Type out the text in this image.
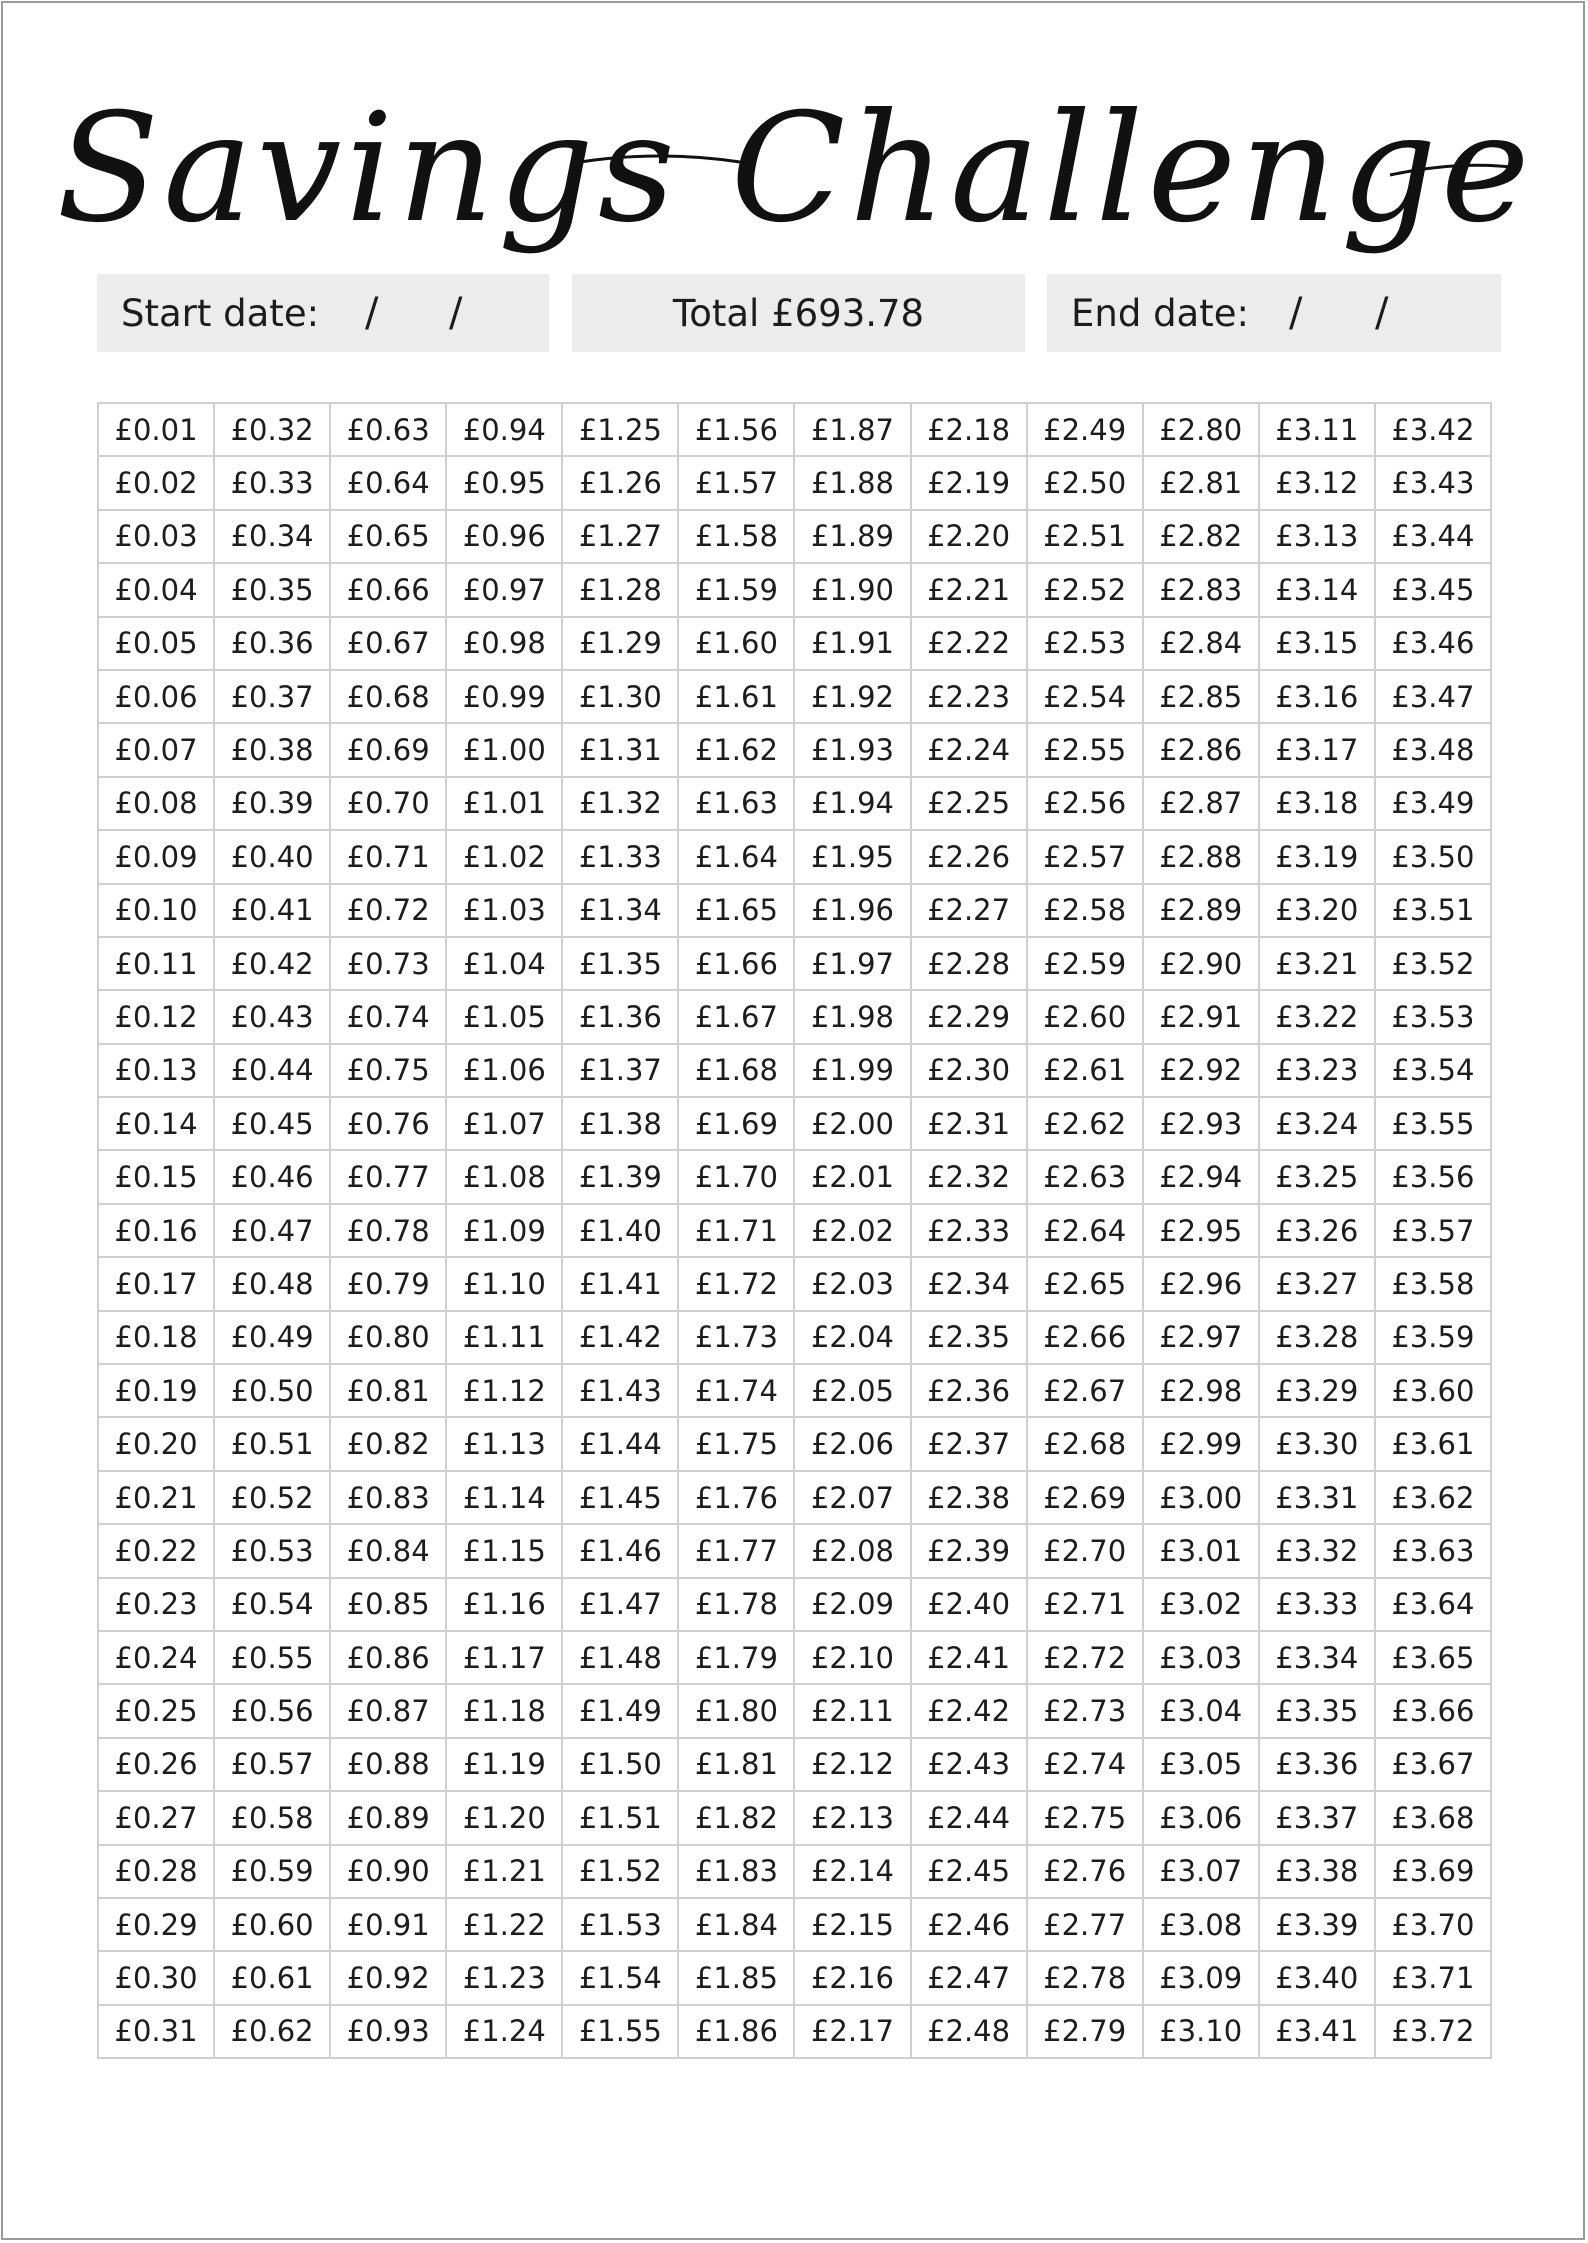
Savings Challenge
Start date: / /	Total £693.78	End date: / /
£0.01	£0.32	£0.63	£0.94	£1.25	£1.56	£1.87	£2.18	£2.49	£2.80	£3.11	£3.42
£0.02	£0.33	£0.64	£0.95	£1.26	£1.57	£1.88	£2.19	£2.50	£2.81	£3.12	£3.43
£0.03	£0.34	£0.65	£0.96	£1.27	£1.58	£1.89	£2.20	£2.51	£2.82	£3.13	£3.44
£0.04	£0.35	£0.66	£0.97	£1.28	£1.59	£1.90	£2.21	£2.52	£2.83	£3.14	£3.45
£0.05	£0.36	£0.67	£0.98	£1.29	£1.60	£1.91	£2.22	£2.53	£2.84	£3.15	£3.46
£0.06	£0.37	£0.68	£0.99	£1.30	£1.61	£1.92	£2.23	£2.54	£2.85	£3.16	£3.47
£0.07	£0.38	£0.69	£1.00	£1.31	£1.62	£1.93	£2.24	£2.55	£2.86	£3.17	£3.48
£0.08	£0.39	£0.70	£1.01	£1.32	£1.63	£1.94	£2.25	£2.56	£2.87	£3.18	£3.49
£0.09	£0.40	£0.71	£1.02	£1.33	£1.64	£1.95	£2.26	£2.57	£2.88	£3.19	£3.50
£0.10	£0.41	£0.72	£1.03	£1.34	£1.65	£1.96	£2.27	£2.58	£2.89	£3.20	£3.51
£0.11	£0.42	£0.73	£1.04	£1.35	£1.66	£1.97	£2.28	£2.59	£2.90	£3.21	£3.52
£0.12	£0.43	£0.74	£1.05	£1.36	£1.67	£1.98	£2.29	£2.60	£2.91	£3.22	£3.53
£0.13	£0.44	£0.75	£1.06	£1.37	£1.68	£1.99	£2.30	£2.61	£2.92	£3.23	£3.54
£0.14	£0.45	£0.76	£1.07	£1.38	£1.69	£2.00	£2.31	£2.62	£2.93	£3.24	£3.55
£0.15	£0.46	£0.77	£1.08	£1.39	£1.70	£2.01	£2.32	£2.63	£2.94	£3.25	£3.56
£0.16	£0.47	£0.78	£1.09	£1.40	£1.71	£2.02	£2.33	£2.64	£2.95	£3.26	£3.57
£0.17	£0.48	£0.79	£1.10	£1.41	£1.72	£2.03	£2.34	£2.65	£2.96	£3.27	£3.58
£0.18	£0.49	£0.80	£1.11	£1.42	£1.73	£2.04	£2.35	£2.66	£2.97	£3.28	£3.59
£0.19	£0.50	£0.81	£1.12	£1.43	£1.74	£2.05	£2.36	£2.67	£2.98	£3.29	£3.60
£0.20	£0.51	£0.82	£1.13	£1.44	£1.75	£2.06	£2.37	£2.68	£2.99	£3.30	£3.61
£0.21	£0.52	£0.83	£1.14	£1.45	£1.76	£2.07	£2.38	£2.69	£3.00	£3.31	£3.62
£0.22	£0.53	£0.84	£1.15	£1.46	£1.77	£2.08	£2.39	£2.70	£3.01	£3.32	£3.63
£0.23	£0.54	£0.85	£1.16	£1.47	£1.78	£2.09	£2.40	£2.71	£3.02	£3.33	£3.64
£0.24	£0.55	£0.86	£1.17	£1.48	£1.79	£2.10	£2.41	£2.72	£3.03	£3.34	£3.65
£0.25	£0.56	£0.87	£1.18	£1.49	£1.80	£2.11	£2.42	£2.73	£3.04	£3.35	£3.66
£0.26	£0.57	£0.88	£1.19	£1.50	£1.81	£2.12	£2.43	£2.74	£3.05	£3.36	£3.67
£0.27	£0.58	£0.89	£1.20	£1.51	£1.82	£2.13	£2.44	£2.75	£3.06	£3.37	£3.68
£0.28	£0.59	£0.90	£1.21	£1.52	£1.83	£2.14	£2.45	£2.76	£3.07	£3.38	£3.69
£0.29	£0.60	£0.91	£1.22	£1.53	£1.84	£2.15	£2.46	£2.77	£3.08	£3.39	£3.70
£0.30	£0.61	£0.92	£1.23	£1.54	£1.85	£2.16	£2.47	£2.78	£3.09	£3.40	£3.71
£0.31	£0.62	£0.93	£1.24	£1.55	£1.86	£2.17	£2.48	£2.79	£3.10	£3.41	£3.72
